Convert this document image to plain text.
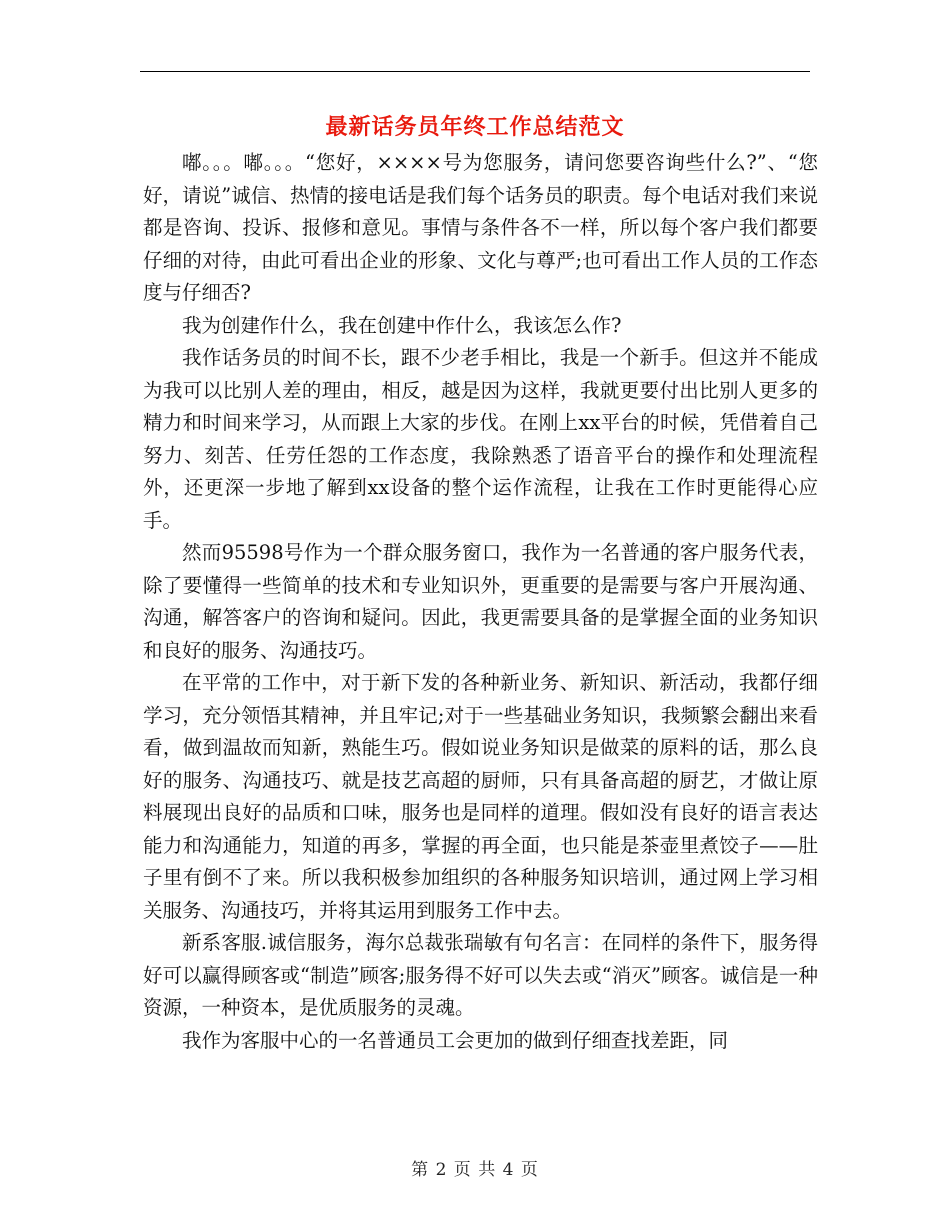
最新话务员年终工作总结范文

嘟。。。嘟。。。“您好，××××号为您服务，请问您要咨询些什么?”、“您好，请说”诚信、热情的接电话是我们每个话务员的职责。每个电话对我们来说都是咨询、投诉、报修和意见。事情与条件各不一样，所以每个客户我们都要仔细的对待，由此可看出企业的形象、文化与尊严;也可看出工作人员的工作态度与仔细否?

我为创建作什么，我在创建中作什么，我该怎么作?

我作话务员的时间不长，跟不少老手相比，我是一个新手。但这并不能成为我可以比别人差的理由，相反，越是因为这样，我就更要付出比别人更多的精力和时间来学习，从而跟上大家的步伐。在刚上xx平台的时候，凭借着自己努力、刻苦、任劳任怨的工作态度，我除熟悉了语音平台的操作和处理流程外，还更深一步地了解到xx设备的整个运作流程，让我在工作时更能得心应手。

然而95598号作为一个群众服务窗口，我作为一名普通的客户服务代表，除了要懂得一些简单的技术和专业知识外，更重要的是需要与客户开展沟通、沟通，解答客户的咨询和疑问。因此，我更需要具备的是掌握全面的业务知识和良好的服务、沟通技巧。

在平常的工作中，对于新下发的各种新业务、新知识、新活动，我都仔细学习，充分领悟其精神，并且牢记;对于一些基础业务知识，我频繁会翻出来看看，做到温故而知新，熟能生巧。假如说业务知识是做菜的原料的话，那么良好的服务、沟通技巧、就是技艺高超的厨师，只有具备高超的厨艺，才做让原料展现出良好的品质和口味，服务也是同样的道理。假如没有良好的语言表达能力和沟通能力，知道的再多，掌握的再全面，也只能是茶壶里煮饺子——肚子里有倒不了来。所以我积极参加组织的各种服务知识培训，通过网上学习相关服务、沟通技巧，并将其运用到服务工作中去。

新系客服.诚信服务，海尔总裁张瑞敏有句名言：在同样的条件下，服务得好可以赢得顾客或“制造”顾客;服务得不好可以失去或“消灭”顾客。诚信是一种资源，一种资本，是优质服务的灵魂。

我作为客服中心的一名普通员工会更加的做到仔细查找差距，同

第 2 页 共 4 页
